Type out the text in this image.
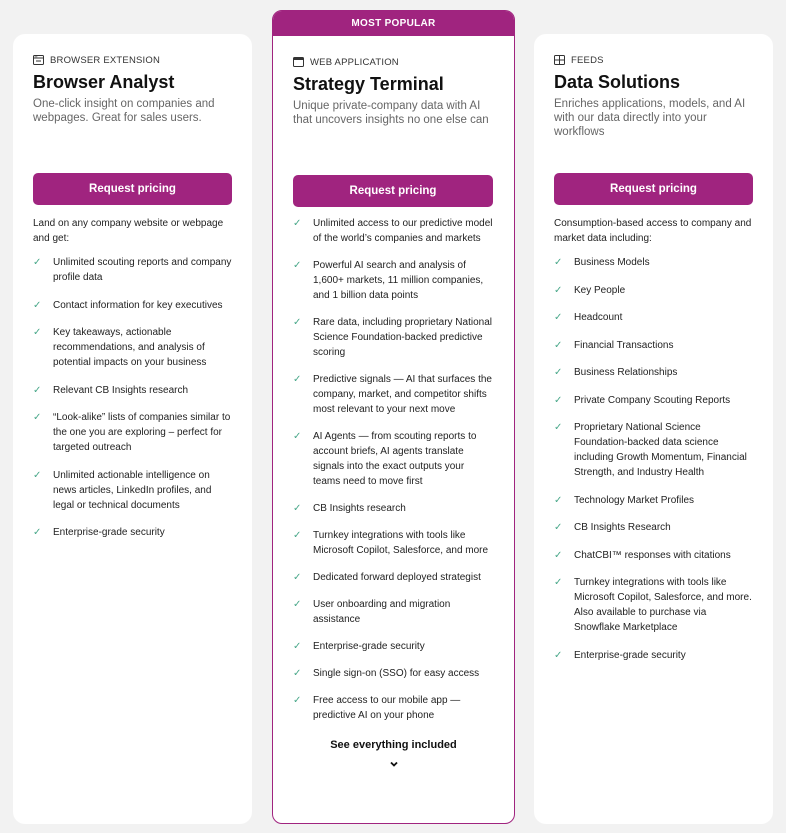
BROWSER EXTENSION
Browser Analyst
One-click insight on companies and webpages. Great for sales users.
Request pricing
Land on any company website or webpage and get:
✓ Unlimited scouting reports and company profile data
✓ Contact information for key executives
✓ Key takeaways, actionable recommendations, and analysis of potential impacts on your business
✓ Relevant CB Insights research
✓ “Look-alike” lists of companies similar to the one you are exploring – perfect for targeted outreach
✓ Unlimited actionable intelligence on news articles, LinkedIn profiles, and legal or technical documents
✓ Enterprise-grade security
MOST POPULAR
WEB APPLICATION
Strategy Terminal
Unique private-company data with AI that uncovers insights no one else can
Request pricing
✓ Unlimited access to our predictive model of the world’s companies and markets
✓ Powerful AI search and analysis of 1,600+ markets, 11 million companies, and 1 billion data points
✓ Rare data, including proprietary National Science Foundation-backed predictive scoring
✓ Predictive signals — AI that surfaces the company, market, and competitor shifts most relevant to your next move
✓ AI Agents — from scouting reports to account briefs, AI agents translate signals into the exact outputs your teams need to move first
✓ CB Insights research
✓ Turnkey integrations with tools like Microsoft Copilot, Salesforce, and more
✓ Dedicated forward deployed strategist
✓ User onboarding and migration assistance
✓ Enterprise-grade security
✓ Single sign-on (SSO) for easy access
✓ Free access to our mobile app — predictive AI on your phone
See everything included
FEEDS
Data Solutions
Enriches applications, models, and AI with our data directly into your workflows
Request pricing
Consumption-based access to company and market data including:
✓ Business Models
✓ Key People
✓ Headcount
✓ Financial Transactions
✓ Business Relationships
✓ Private Company Scouting Reports
✓ Proprietary National Science Foundation-backed data science including Growth Momentum, Financial Strength, and Industry Health
✓ Technology Market Profiles
✓ CB Insights Research
✓ ChatCBI™ responses with citations
✓ Turnkey integrations with tools like Microsoft Copilot, Salesforce, and more. Also available to purchase via Snowflake Marketplace
✓ Enterprise-grade security
